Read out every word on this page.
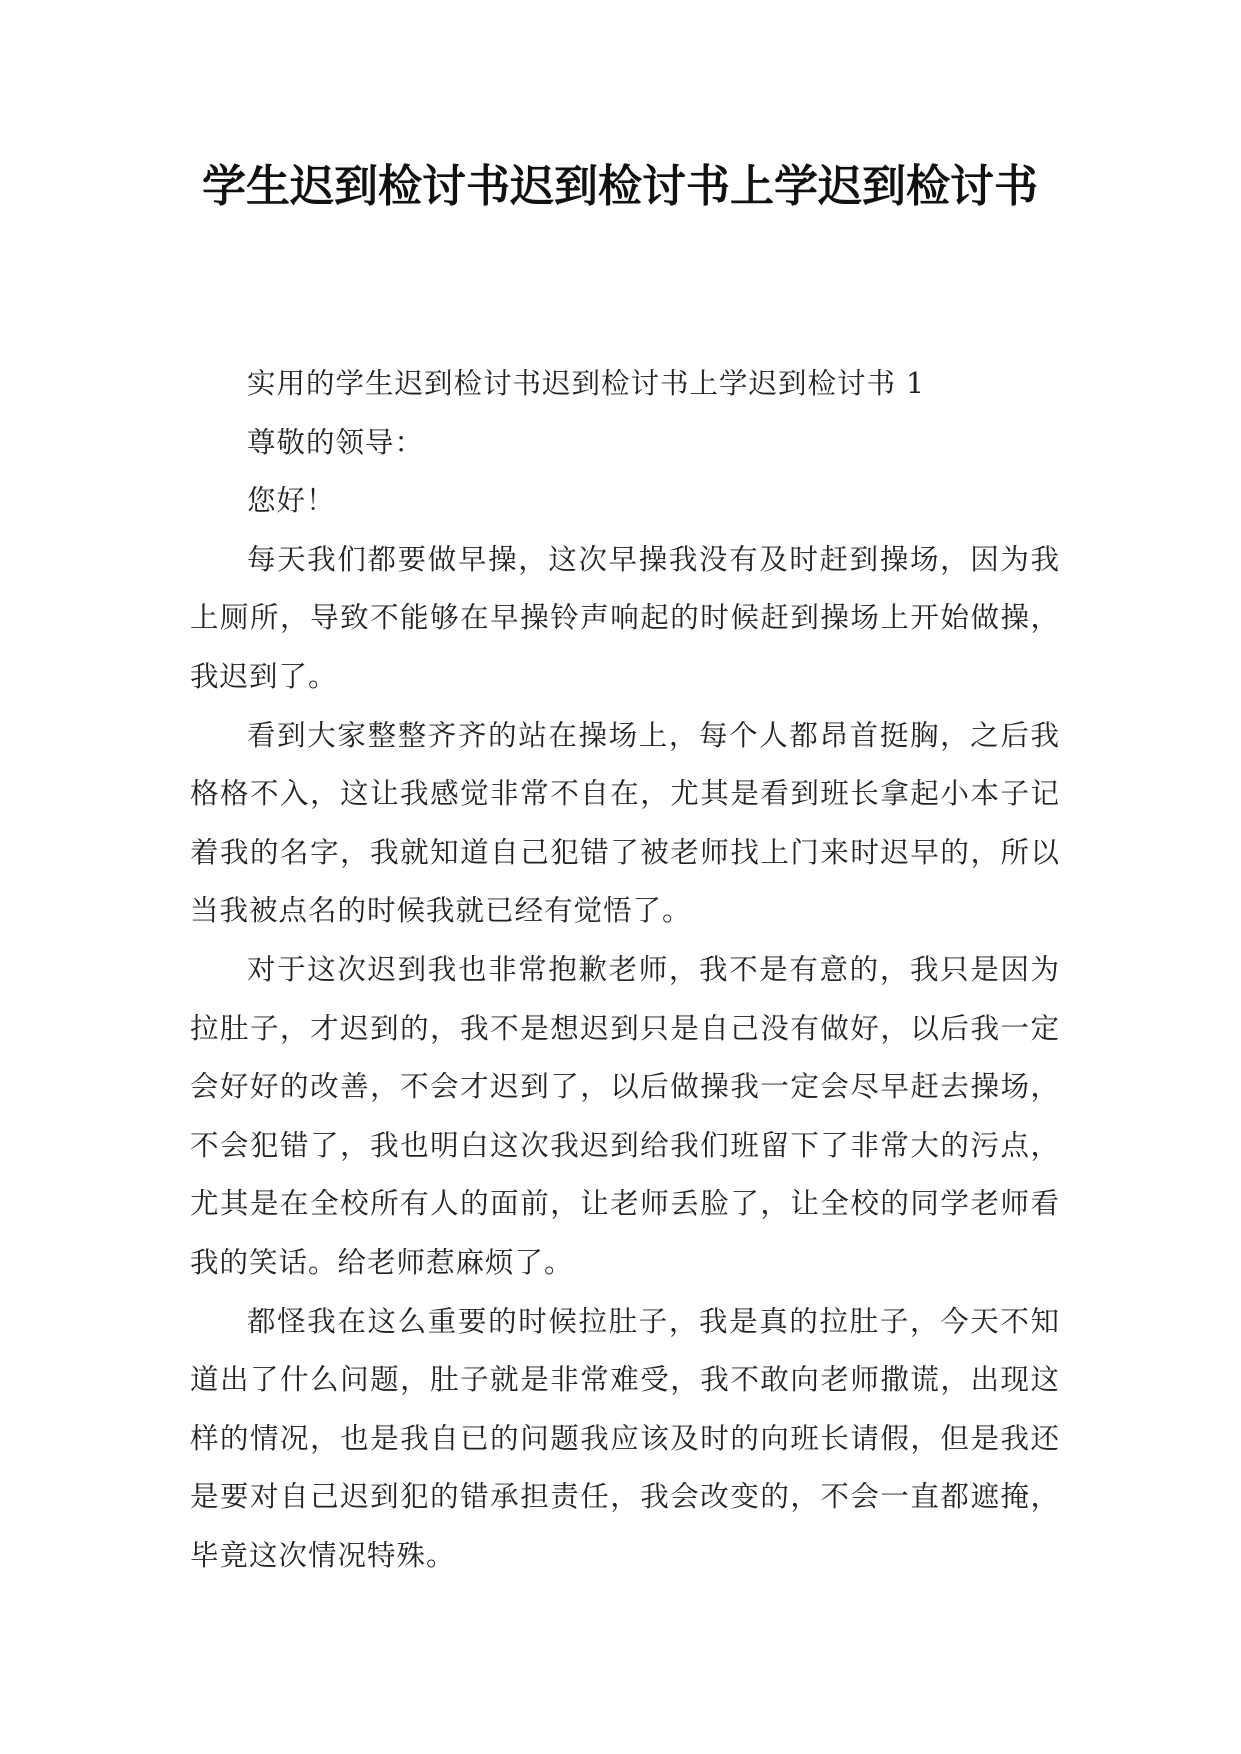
学生迟到检讨书迟到检讨书上学迟到检讨书

实用的学生迟到检讨书迟到检讨书上学迟到检讨书 1

尊敬的领导：

您好！

每天我们都要做早操，这次早操我没有及时赶到操场，因为我上厕所，导致不能够在早操铃声响起的时候赶到操场上开始做操，我迟到了。

看到大家整整齐齐的站在操场上，每个人都昂首挺胸，之后我格格不入，这让我感觉非常不自在，尤其是看到班长拿起小本子记着我的名字，我就知道自己犯错了被老师找上门来时迟早的，所以当我被点名的时候我就已经有觉悟了。

对于这次迟到我也非常抱歉老师，我不是有意的，我只是因为拉肚子，才迟到的，我不是想迟到只是自己没有做好，以后我一定会好好的改善，不会才迟到了，以后做操我一定会尽早赶去操场，不会犯错了，我也明白这次我迟到给我们班留下了非常大的污点，尤其是在全校所有人的面前，让老师丢脸了，让全校的同学老师看我的笑话。给老师惹麻烦了。

都怪我在这么重要的时候拉肚子，我是真的拉肚子，今天不知道出了什么问题，肚子就是非常难受，我不敢向老师撒谎，出现这样的情况，也是我自已的问题我应该及时的向班长请假，但是我还是要对自己迟到犯的错承担责任，我会改变的，不会一直都遮掩，毕竟这次情况特殊。
